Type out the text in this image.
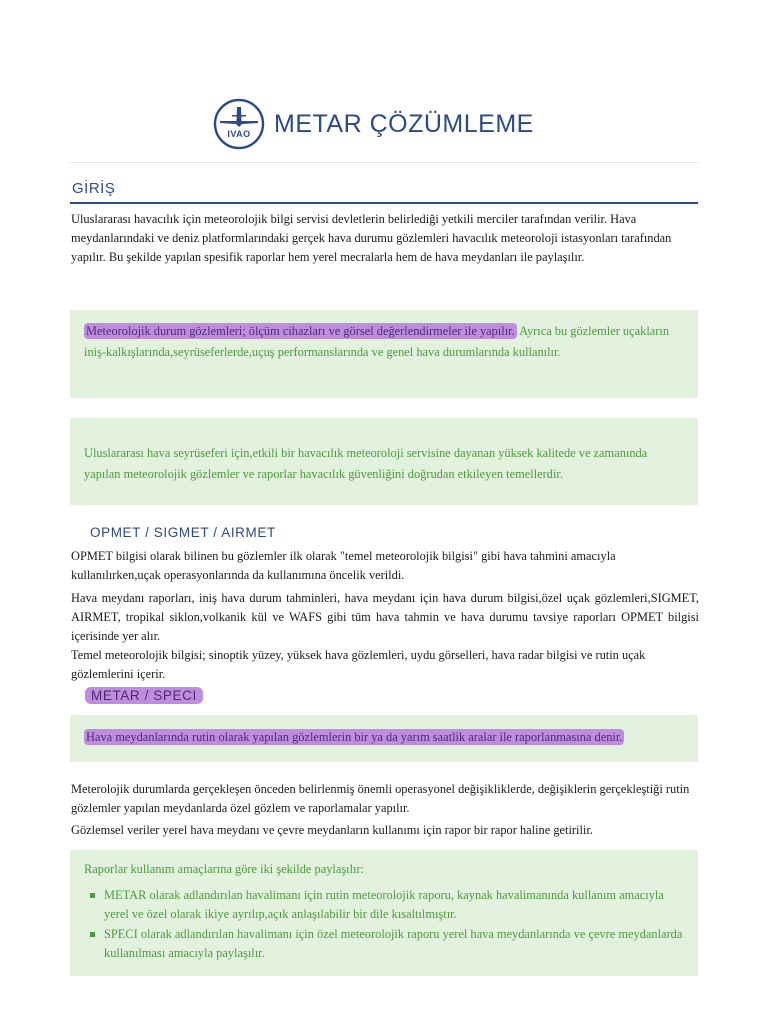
IVAO METAR ÇÖZÜMLEME
GİRİŞ

Uluslararası havacılık için meteorolojik bilgi servisi devletlerin belirlediği yetkili merciler tarafından verilir. Hava meydanlarındaki ve deniz platformlarındaki gerçek hava durumu gözlemleri havacılık meteoroloji istasyonları tarafından yapılır. Bu şekilde yapılan spesifik raporlar hem yerel mecralarla hem de hava meydanları ile paylaşılır.

Meteorolojik durum gözlemleri; ölçüm cihazları ve görsel değerlendirmeler ile yapılır. Ayrıca bu gözlemler uçakların iniş-kalkışlarında,seyrüseferlerde,uçuş performanslarında ve genel hava durumlarında kullanılır.
Uluslararası hava seyrüseferi için,etkili bir havacılık meteoroloji servisine dayanan yüksek kalitede ve zamanında yapılan meteorolojik gözlemler ve raporlar havacılık güvenliğini doğrudan etkileyen temellerdir.
OPMET / SIGMET / AIRMET

OPMET bilgisi olarak bilinen bu gözlemler ilk olarak "temel meteorolojik bilgisi" gibi hava tahmini amacıyla kullanılırken,uçak operasyonlarında da kullanımına öncelik verildi.

Hava meydanı raporları, iniş hava durum tahminleri, hava meydanı için hava durum bilgisi,özel uçak gözlemleri,SIGMET, AIRMET, tropikal siklon,volkanik kül ve WAFS gibi tüm hava tahmin ve hava durumu tavsiye raporları OPMET bilgisi içerisinde yer alır.

Temel meteorolojik bilgisi; sinoptik yüzey, yüksek hava gözlemleri, uydu görselleri, hava radar bilgisi ve rutin uçak gözlemlerini içerir.

METAR / SPECI
Hava meydanlarında rutin olarak yapılan gözlemlerin bir ya da yarım saatlik aralar ile raporlanmasına denir.

Meterolojik durumlarda gerçekleşen önceden belirlenmiş önemli operasyonel değişikliklerde, değişiklerin gerçekleştiği rutin gözlemler yapılan meydanlarda özel gözlem ve raporlamalar yapılır.

Gözlemsel veriler yerel hava meydanı ve çevre meydanların kullanımı için rapor bir rapor haline getirilir.

Raporlar kullanım amaçlarına göre iki şekilde paylaşılır:
METAR olarak adlandırılan havalimanı için rutin meteorolojik raporu, kaynak havalimanında kullanım amacıyla yerel ve özel olarak ikiye ayrılıp,açık anlaşılabilir bir dile kısaltılmıştır.
SPECI olarak adlandırılan havalimanı için özel meteorolojik raporu yerel hava meydanlarında ve çevre meydanlarda kullanılması amacıyla paylaşılır.
